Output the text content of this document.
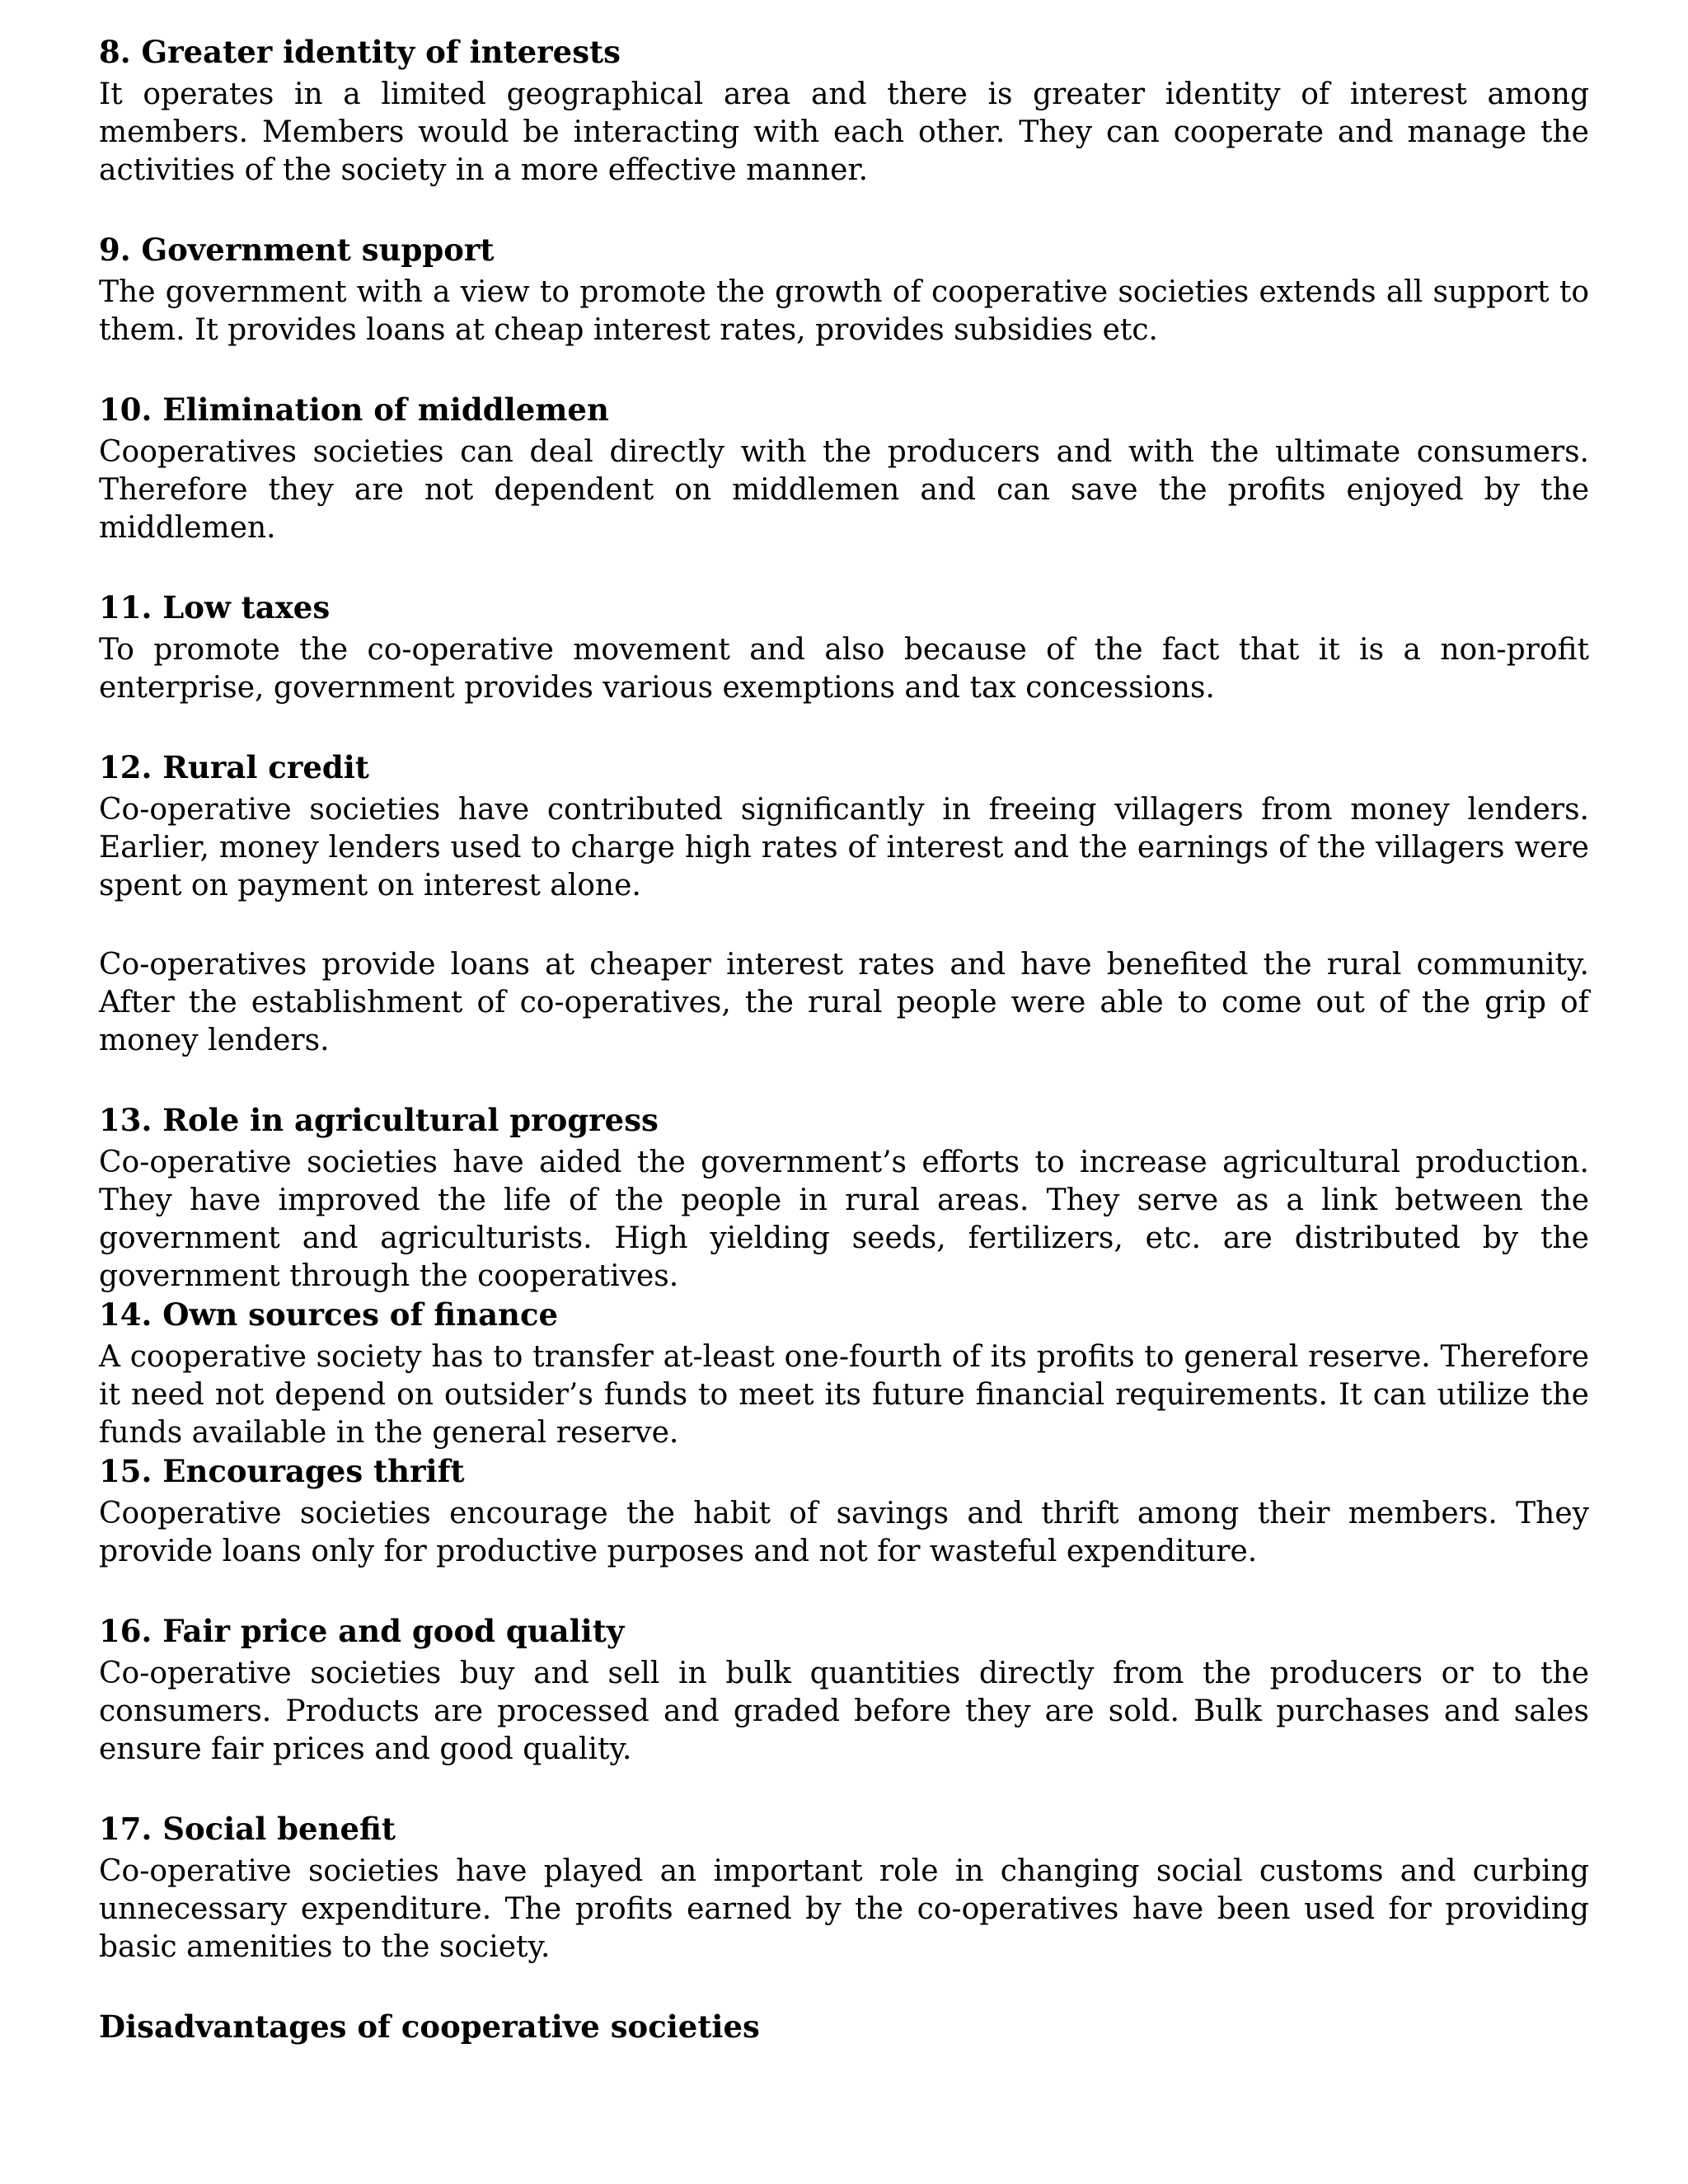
8. Greater identity of interests

It operates in a limited geographical area and there is greater identity of interest among members. Members would be interacting with each other. They can cooperate and manage the activities of the society in a more effective manner.

9. Government support

The government with a view to promote the growth of cooperative societies extends all support to them. It provides loans at cheap interest rates, provides subsidies etc.

10. Elimination of middlemen

Cooperatives societies can deal directly with the producers and with the ultimate consumers. Therefore they are not dependent on middlemen and can save the profits enjoyed by the middlemen.

11. Low taxes

To promote the co-operative movement and also because of the fact that it is a non-profit enterprise, government provides various exemptions and tax concessions.

12. Rural credit

Co-operative societies have contributed significantly in freeing villagers from money lenders. Earlier, money lenders used to charge high rates of interest and the earnings of the villagers were spent on payment on interest alone.

Co-operatives provide loans at cheaper interest rates and have benefited the rural community. After the establishment of co-operatives, the rural people were able to come out of the grip of money lenders.

13. Role in agricultural progress

Co-operative societies have aided the government’s efforts to increase agricultural production. They have improved the life of the people in rural areas. They serve as a link between the government and agriculturists. High yielding seeds, fertilizers, etc. are distributed by the government through the cooperatives.

14. Own sources of finance

A cooperative society has to transfer at-least one-fourth of its profits to general reserve. Therefore it need not depend on outsider’s funds to meet its future financial requirements. It can utilize the funds available in the general reserve.

15. Encourages thrift

Cooperative societies encourage the habit of savings and thrift among their members. They provide loans only for productive purposes and not for wasteful expenditure.

16. Fair price and good quality

Co-operative societies buy and sell in bulk quantities directly from the producers or to the consumers. Products are processed and graded before they are sold. Bulk purchases and sales ensure fair prices and good quality.

17. Social benefit

Co-operative societies have played an important role in changing social customs and curbing unnecessary expenditure. The profits earned by the co-operatives have been used for providing basic amenities to the society.

Disadvantages of cooperative societies
